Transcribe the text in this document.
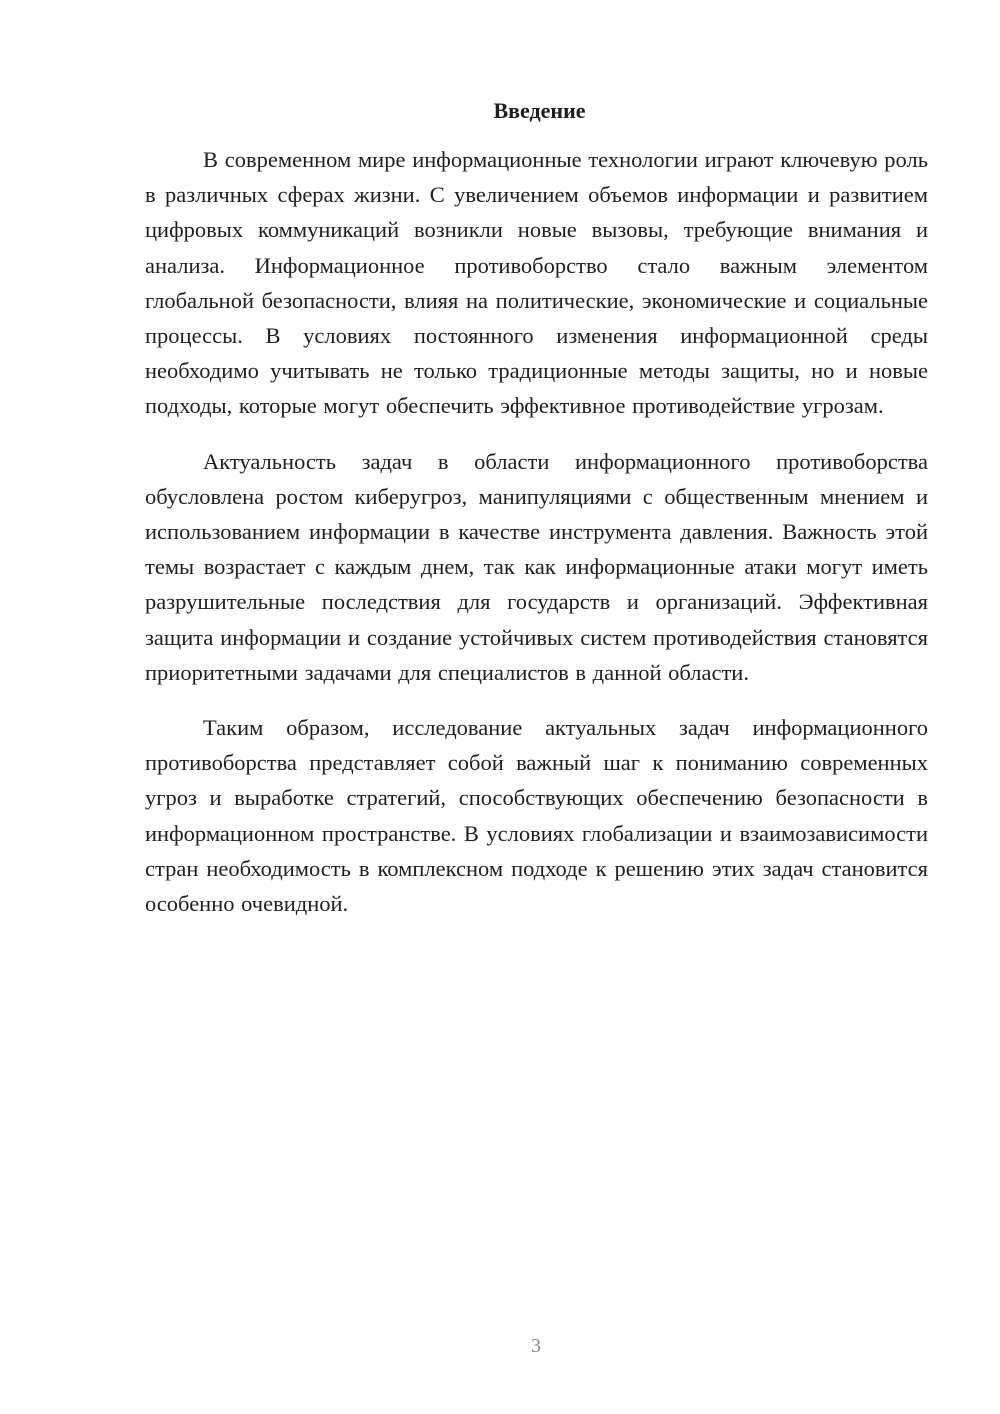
Введение

В современном мире информационные технологии играют ключевую роль в различных сферах жизни. С увеличением объемов информации и развитием цифровых коммуникаций возникли новые вызовы, требующие внимания и анализа. Информационное противоборство стало важным элементом глобальной безопасности, влияя на политические, экономические и социальные процессы. В условиях постоянного изменения информационной среды необходимо учитывать не только традиционные методы защиты, но и новые подходы, которые могут обеспечить эффективное противодействие угрозам.

Актуальность задач в области информационного противоборства обусловлена ростом киберугроз, манипуляциями с общественным мнением и использованием информации в качестве инструмента давления. Важность этой темы возрастает с каждым днем, так как информационные атаки могут иметь разрушительные последствия для государств и организаций. Эффективная защита информации и создание устойчивых систем противодействия становятся приоритетными задачами для специалистов в данной области.

Таким образом, исследование актуальных задач информационного противоборства представляет собой важный шаг к пониманию современных угроз и выработке стратегий, способствующих обеспечению безопасности в информационном пространстве. В условиях глобализации и взаимозависимости стран необходимость в комплексном подходе к решению этих задач становится особенно очевидной.

3
